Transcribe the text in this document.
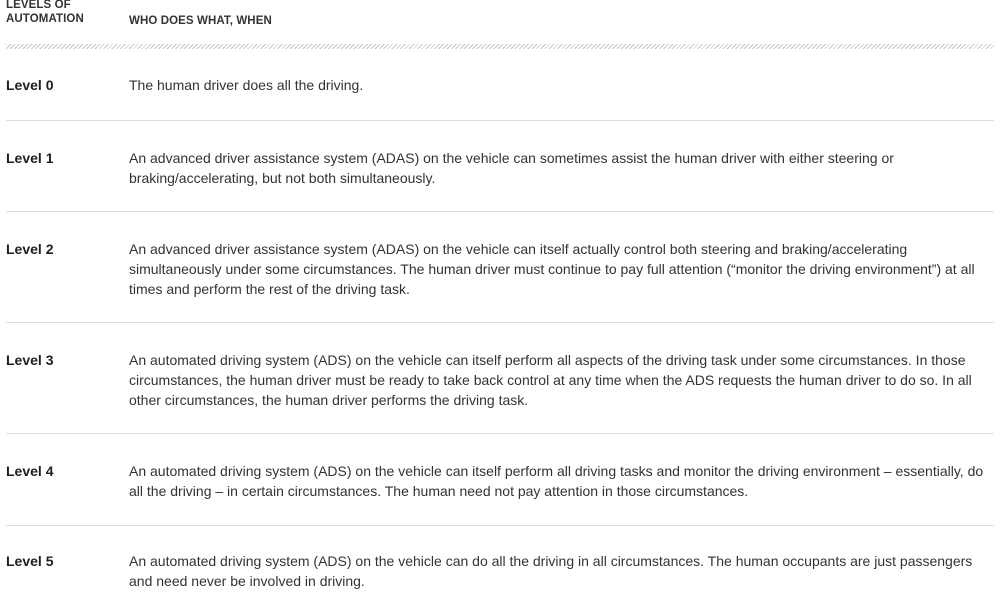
LEVELS OF
AUTOMATION	WHO DOES WHAT, WHEN
Level 0	The human driver does all the driving.
Level 1	An advanced driver assistance system (ADAS) on the vehicle can sometimes assist the human driver with either steering or braking/accelerating, but not both simultaneously.
Level 2	An advanced driver assistance system (ADAS) on the vehicle can itself actually control both steering and braking/accelerating simultaneously under some circumstances. The human driver must continue to pay full attention (“monitor the driving environment”) at all times and perform the rest of the driving task.
Level 3	An automated driving system (ADS) on the vehicle can itself perform all aspects of the driving task under some circumstances. In those circumstances, the human driver must be ready to take back control at any time when the ADS requests the human driver to do so. In all other circumstances, the human driver performs the driving task.
Level 4	An automated driving system (ADS) on the vehicle can itself perform all driving tasks and monitor the driving environment – essentially, do all the driving – in certain circumstances. The human need not pay attention in those circumstances.
Level 5	An automated driving system (ADS) on the vehicle can do all the driving in all circumstances. The human occupants are just passengers and need never be involved in driving.
